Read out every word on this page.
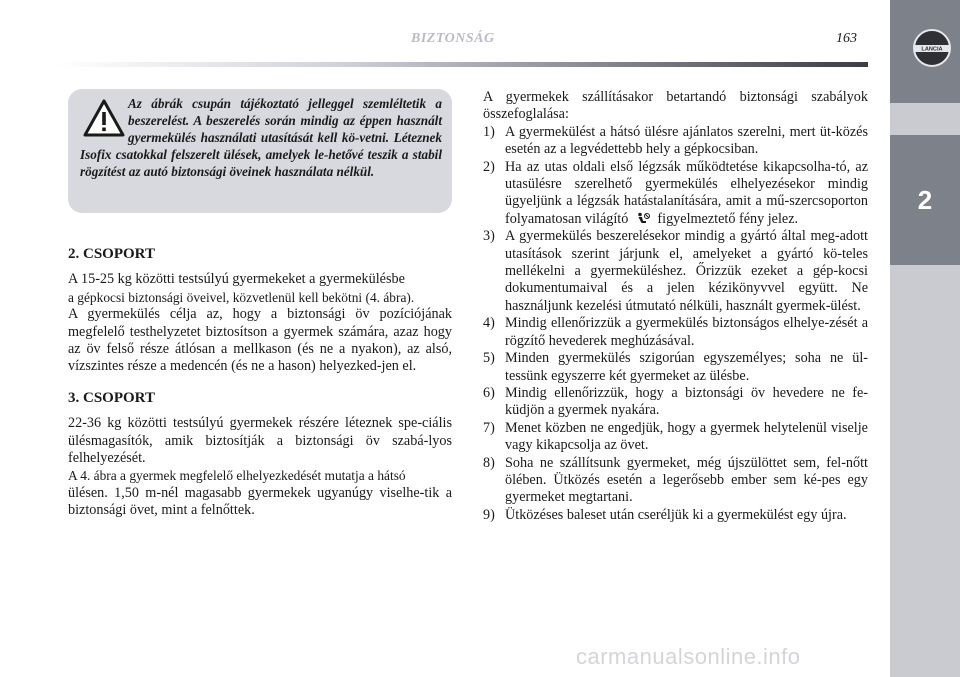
BIZTONSÁG	163
LANCIA
2
Az ábrák csupán tájékoztató jelleggel szemléltetik a beszerelést. A beszerelés során mindig az éppen használt gyermekülés használati utasítását kell kö-vetni. Léteznek Isofix csatokkal felszerelt ülések, amelyek le-hetővé teszik a stabil rögzítést az autó biztonsági öveinek használata nélkül.
2. CSOPORT
A 15-25 kg közötti testsúlyú gyermekeket a gyermekülésbe
a gépkocsi biztonsági öveivel, közvetlenül kell bekötni (4. ábra).
A gyermekülés célja az, hogy a biztonsági öv pozíciójának megfelelő testhelyzetet biztosítson a gyermek számára, azaz hogy az öv felső része átlósan a mellkason (és ne a nyakon), az alsó, vízszintes része a medencén (és ne a hason) helyezked-jen el.
3. CSOPORT
22-36 kg közötti testsúlyú gyermekek részére léteznek spe-ciális ülésmagasítók, amik biztosítják a biztonsági öv szabá-lyos felhelyezését.
A 4. ábra a gyermek megfelelő elhelyezkedését mutatja a hátsó
ülésen. 1,50 m-nél magasabb gyermekek ugyanúgy viselhe-tik a biztonsági övet, mint a felnőttek.
A gyermekek szállításakor betartandó biztonsági szabályok összefoglalása:
1) A gyermekülést a hátsó ülésre ajánlatos szerelni, mert üt-közés esetén az a legvédettebb hely a gépkocsiban.
2) Ha az utas oldali első légzsák működtetése kikapcsolha-tó, az utasülésre szerelhető gyermekülés elhelyezésekor mindig ügyeljünk a légzsák hatástalanítására, amit a mű-szercsoporton folyamatosan világító figyelmeztető fény jelez.
3) A gyermekülés beszerelésekor mindig a gyártó által meg-adott utasítások szerint járjunk el, amelyeket a gyártó kö-teles mellékelni a gyermeküléshez. Őrizzük ezeket a gép-kocsi dokumentumaival és a jelen kézikönyvvel együtt. Ne használjunk kezelési útmutató nélküli, használt gyermek-ülést.
4) Mindig ellenőrizzük a gyermekülés biztonságos elhelye-zését a rögzítő hevederek meghúzásával.
5) Minden gyermekülés szigorúan egyszemélyes; soha ne ül-tessünk egyszerre két gyermeket az ülésbe.
6) Mindig ellenőrizzük, hogy a biztonsági öv hevedere ne fe-küdjön a gyermek nyakára.
7) Menet közben ne engedjük, hogy a gyermek helytelenül viselje vagy kikapcsolja az övet.
8) Soha ne szállítsunk gyermeket, még újszülöttet sem, fel-nőtt ölében. Ütközés esetén a legerősebb ember sem ké-pes egy gyermeket megtartani.
9) Ütközéses baleset után cseréljük ki a gyermekülést egy újra.
carmanualsonline.info
